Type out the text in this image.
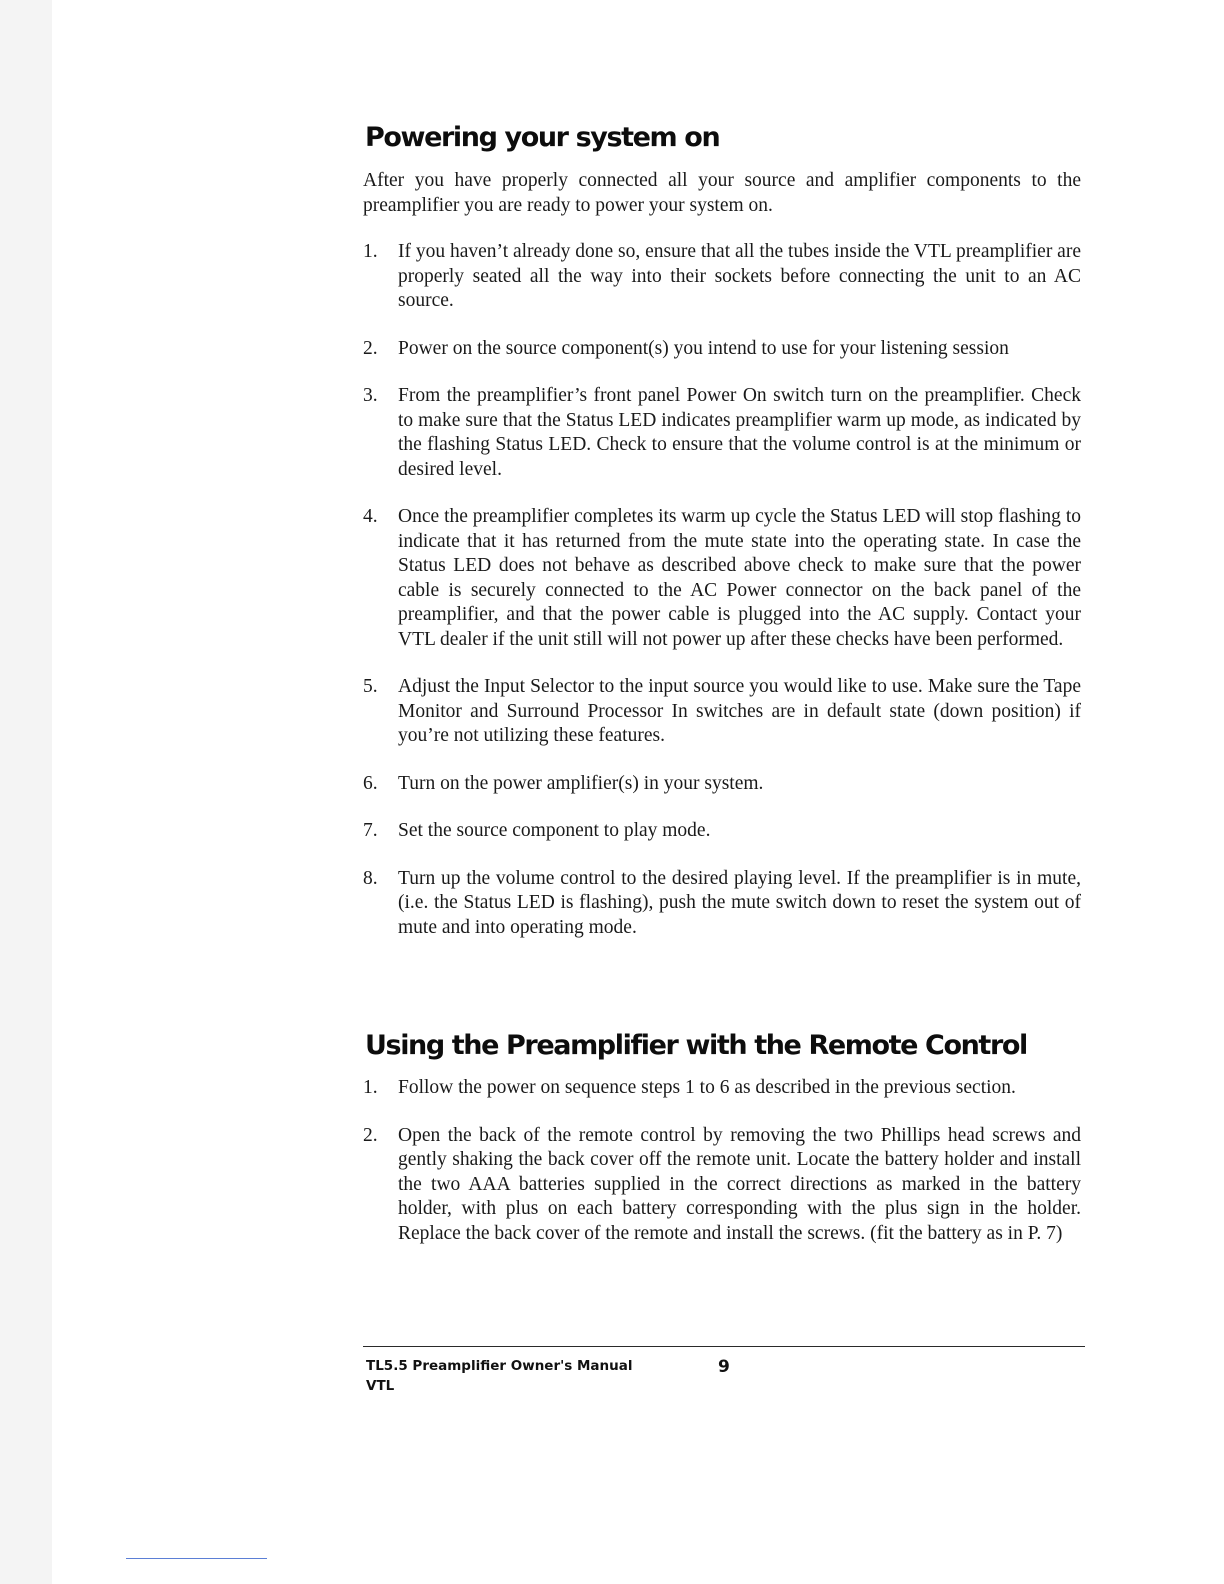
Powering your system on

After you have properly connected all your source and amplifier components to the preamplifier you are ready to power your system on.

1. If you haven’t already done so, ensure that all the tubes inside the VTL preamplifier are properly seated all the way into their sockets before connecting the unit to an AC source.
2. Power on the source component(s) you intend to use for your listening session
3. From the preamplifier’s front panel Power On switch turn on the preamplifier. Check to make sure that the Status LED indicates preamplifier warm up mode, as indicated by the flashing Status LED. Check to ensure that the volume control is at the minimum or desired level.
4. Once the preamplifier completes its warm up cycle the Status LED will stop flashing to indicate that it has returned from the mute state into the operating state. In case the Status LED does not behave as described above check to make sure that the power cable is securely connected to the AC Power connector on the back panel of the preamplifier, and that the power cable is plugged into the AC supply. Contact your VTL dealer if the unit still will not power up after these checks have been performed.
5. Adjust the Input Selector to the input source you would like to use. Make sure the Tape Monitor and Surround Processor In switches are in default state (down position) if you’re not utilizing these features.
6. Turn on the power amplifier(s) in your system.
7. Set the source component to play mode.
8. Turn up the volume control to the desired playing level. If the preamplifier is in mute, (i.e. the Status LED is flashing), push the mute switch down to reset the system out of mute and into operating mode.
Using the Preamplifier with the Remote Control
1. Follow the power on sequence steps 1 to 6 as described in the previous section.
2. Open the back of the remote control by removing the two Phillips head screws and gently shaking the back cover off the remote unit. Locate the battery holder and install the two AAA batteries supplied in the correct directions as marked in the battery holder, with plus on each battery corresponding with the plus sign in the holder. Replace the back cover of the remote and install the screws. (fit the battery as in P. 7)
TL5.5 Preamplifier Owner's Manual
VTL
9
